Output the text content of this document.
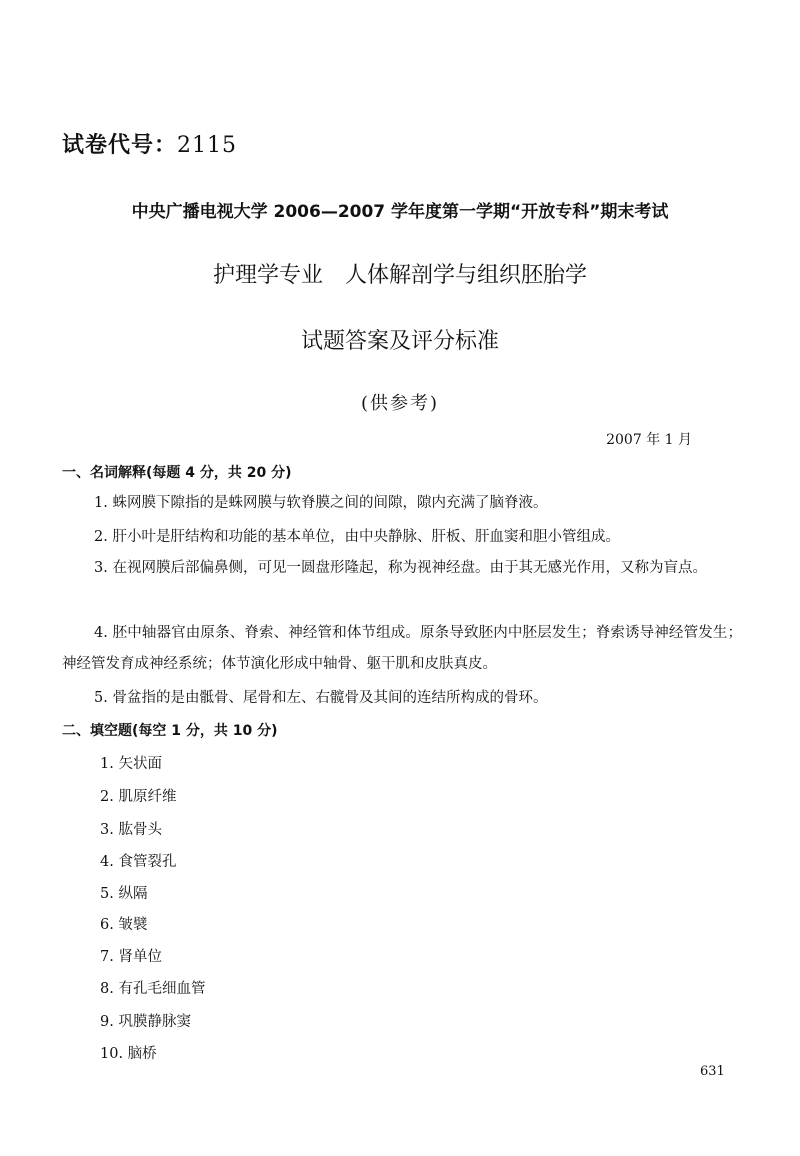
试卷代号：2115
中央广播电视大学 2006—2007 学年度第一学期“开放专科”期末考试
护理学专业　人体解剖学与组织胚胎学
试题答案及评分标准
(供参考)
2007 年 1 月
一、名词解释(每题 4 分，共 20 分)
1. 蛛网膜下隙指的是蛛网膜与软脊膜之间的间隙，隙内充满了脑脊液。
2. 肝小叶是肝结构和功能的基本单位，由中央静脉、肝板、肝血窦和胆小管组成。
3. 在视网膜后部偏鼻侧，可见一圆盘形隆起，称为视神经盘。由于其无感光作用，又称为盲点。
4. 胚中轴器官由原条、脊索、神经管和体节组成。原条导致胚内中胚层发生；脊索诱导神经管发生；神经管发育成神经系统；体节演化形成中轴骨、躯干肌和皮肤真皮。
5. 骨盆指的是由骶骨、尾骨和左、右髋骨及其间的连结所构成的骨环。
二、填空题(每空 1 分，共 10 分)
1. 矢状面
2. 肌原纤维
3. 肱骨头
4. 食管裂孔
5. 纵隔
6. 皱襞
7. 肾单位
8. 有孔毛细血管
9. 巩膜静脉窦
10. 脑桥
631
